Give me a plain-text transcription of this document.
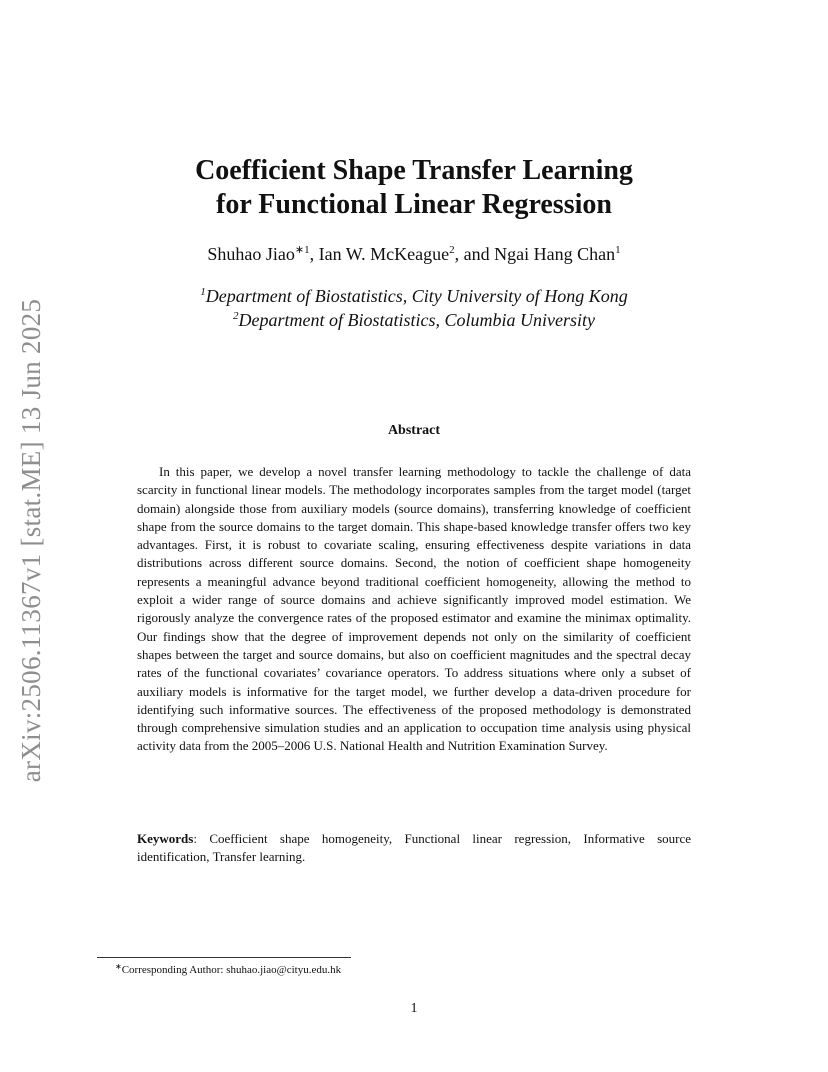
arXiv:2506.11367v1 [stat.ME] 13 Jun 2025
Coefficient Shape Transfer Learning
for Functional Linear Regression
Shuhao Jiao$^{∗1}$, Ian W. McKeague$^2$, and Ngai Hang Chan$^1$
$^1$Department of Biostatistics, City University of Hong Kong
$^2$Department of Biostatistics, Columbia University
Abstract

In this paper, we develop a novel transfer learning methodology to tackle the challenge of data scarcity in functional linear models. The methodology incorporates samples from the target model (target domain) alongside those from auxiliary models (source domains), transferring knowledge of coefficient shape from the source domains to the target domain. This shape-based knowledge transfer offers two key advantages. First, it is robust to covariate scaling, ensuring effectiveness despite variations in data distributions across different source domains. Second, the notion of coefficient shape homogeneity represents a meaningful advance beyond traditional coefficient homogeneity, allowing the method to exploit a wider range of source domains and achieve significantly improved model estimation. We rigorously analyze the convergence rates of the proposed estimator and examine the minimax optimality. Our findings show that the degree of improvement depends not only on the similarity of coefficient shapes between the target and source domains, but also on coefficient magnitudes and the spectral decay rates of the functional covariates’ covariance operators. To address situations where only a subset of auxiliary models is informative for the target model, we further develop a data-driven procedure for identifying such informative sources. The effectiveness of the proposed methodology is demonstrated through comprehensive simulation studies and an application to occupation time analysis using physical activity data from the 2005–2006 U.S. National Health and Nutrition Examination Survey.

Keywords: Coefficient shape homogeneity, Functional linear regression, Informative source identification, Transfer learning.

∗Corresponding Author: shuhao.jiao@cityu.edu.hk
1
